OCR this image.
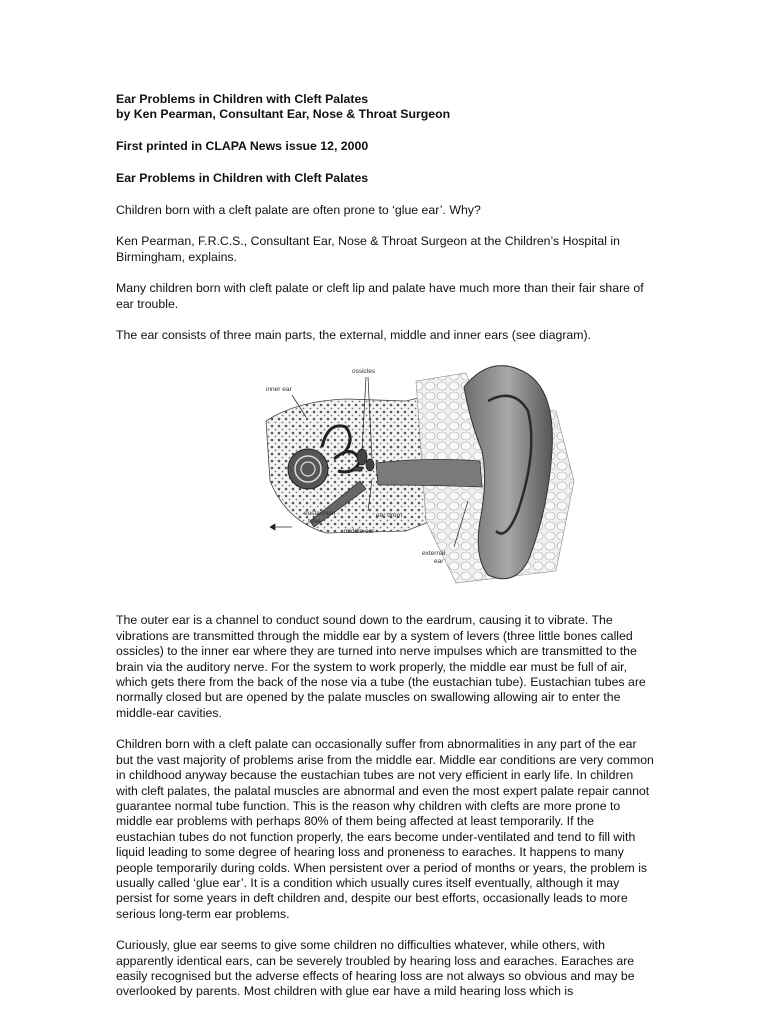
Ear Problems in Children with Cleft Palates

by Ken Pearman, Consultant Ear, Nose & Throat Surgeon

First printed in CLAPA News issue 12, 2000

Ear Problems in Children with Cleft Palates

Children born with a cleft palate are often prone to ‘glue ear’. Why?

Ken Pearman, F.R.C.S., Consultant Ear, Nose & Throat Surgeon at the Children’s Hospital in Birmingham, explains.

Many children born with cleft palate or cleft lip and palate have much more than their fair share of ear trouble.

The ear consists of three main parts, the external, middle and inner ears (see diagram).

ossicles
inner ear
eustachian
tube
ear drum
middle ear
external
ear

The outer ear is a channel to conduct sound down to the eardrum, causing it to vibrate. The vibrations are transmitted through the middle ear by a system of levers (three little bones called ossicles) to the inner ear where they are turned into nerve impulses which are transmitted to the brain via the auditory nerve. For the system to work properly, the middle ear must be full of air, which gets there from the back of the nose via a tube (the eustachian tube). Eustachian tubes are normally closed but are opened by the palate muscles on swallowing allowing air to enter the middle-ear cavities.

Children born with a cleft palate can occasionally suffer from abnormalities in any part of the ear but the vast majority of problems arise from the middle ear. Middle ear conditions are very common in childhood anyway because the eustachian tubes are not very efficient in early life. In children with cleft palates, the palatal muscles are abnormal and even the most expert palate repair cannot guarantee normal tube function. This is the reason why children with clefts are more prone to middle ear problems with perhaps 80% of them being affected at least temporarily. If the eustachian tubes do not function properly, the ears become under-ventilated and tend to fill with liquid leading to some degree of hearing loss and proneness to earaches. It happens to many people temporarily during colds. When persistent over a period of months or years, the problem is usually called ‘glue ear’. It is a condition which usually cures itself eventually, although it may persist for some years in deft children and, despite our best efforts, occasionally leads to more serious long-term ear problems.

Curiously, glue ear seems to give some children no difficulties whatever, while others, with apparently identical ears, can be severely troubled by hearing loss and earaches. Earaches are easily recognised but the adverse effects of hearing loss are not always so obvious and may be overlooked by parents. Most children with glue ear have a mild hearing loss which is
